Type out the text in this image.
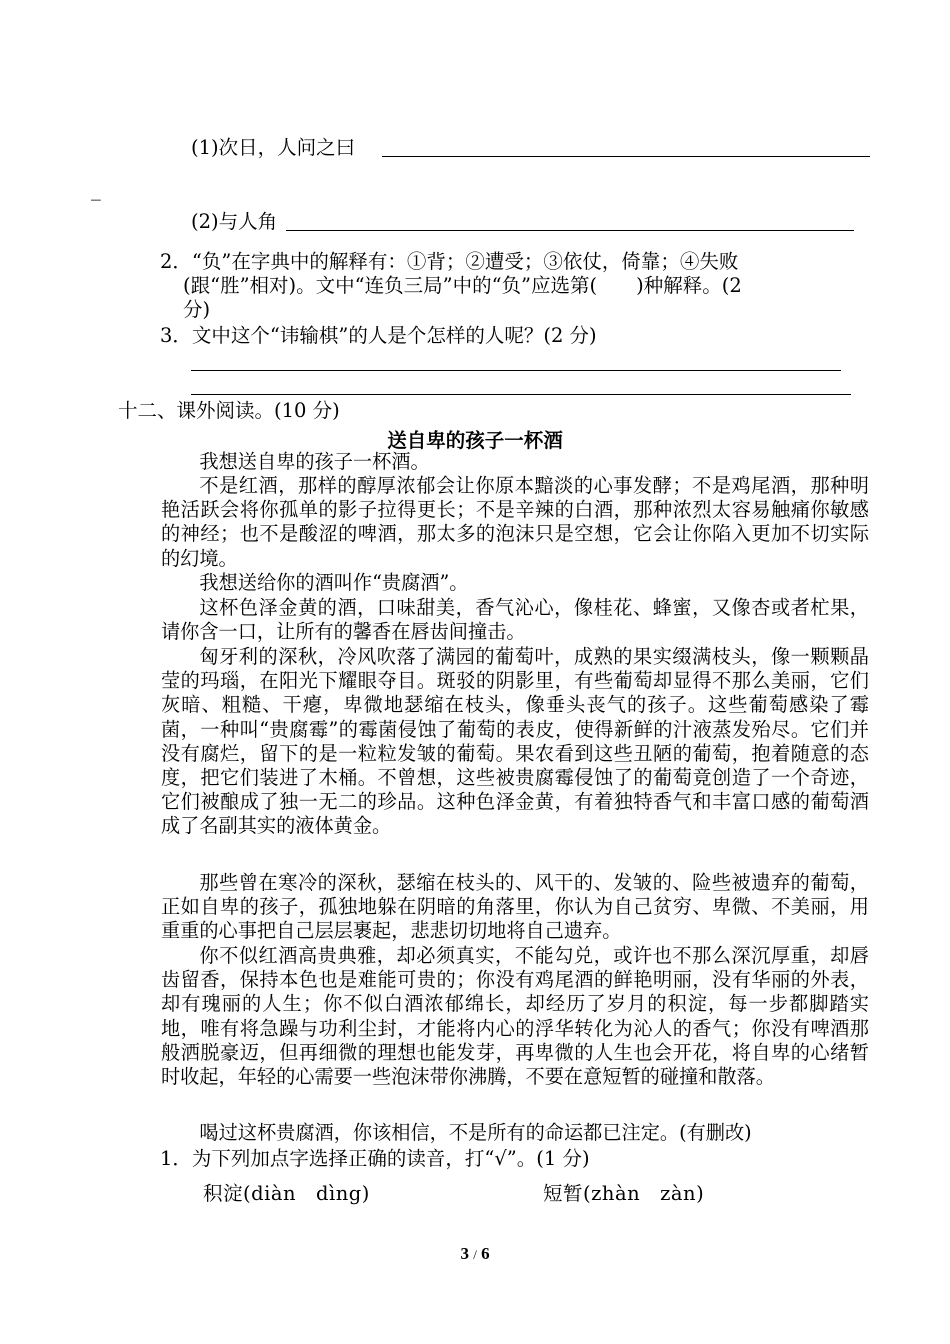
(1)次日，人问之曰
_
(2)与人角
2．“负”在字典中的解释有：①背；②遭受；③依仗，倚靠；④失败
(跟“胜”相对)。文中“连负三局”中的“负”应选第(　　)种解释。(2
分)
3．文中这个“讳输棋”的人是个怎样的人呢？(2 分)
十二、课外阅读。(10 分)
送自卑的孩子一杯酒
我想送自卑的孩子一杯酒。
不是红酒，那样的醇厚浓郁会让你原本黯淡的心事发酵；不是鸡尾酒，那种明艳活跃会将你孤单的影子拉得更长；不是辛辣的白酒，那种浓烈太容易触痛你敏感的神经；也不是酸涩的啤酒，那太多的泡沫只是空想，它会让你陷入更加不切实际的幻境。
我想送给你的酒叫作“贵腐酒”。
这杯色泽金黄的酒，口味甜美，香气沁心，像桂花、蜂蜜，又像杏或者杧果，请你含一口，让所有的馨香在唇齿间撞击。
匈牙利的深秋，冷风吹落了满园的葡萄叶，成熟的果实缀满枝头，像一颗颗晶莹的玛瑙，在阳光下耀眼夺目。斑驳的阴影里，有些葡萄却显得不那么美丽，它们灰暗、粗糙、干瘪，卑微地瑟缩在枝头，像垂头丧气的孩子。这些葡萄感染了霉菌，一种叫“贵腐霉”的霉菌侵蚀了葡萄的表皮，使得新鲜的汁液蒸发殆尽。它们并没有腐烂，留下的是一粒粒发皱的葡萄。果农看到这些丑陋的葡萄，抱着随意的态度，把它们装进了木桶。不曾想，这些被贵腐霉侵蚀了的葡萄竟创造了一个奇迹，它们被酿成了独一无二的珍品。这种色泽金黄，有着独特香气和丰富口感的葡萄酒成了名副其实的液体黄金。
那些曾在寒冷的深秋，瑟缩在枝头的、风干的、发皱的、险些被遗弃的葡萄，正如自卑的孩子，孤独地躲在阴暗的角落里，你认为自己贫穷、卑微、不美丽，用重重的心事把自己层层裹起，悲悲切切地将自己遗弃。
你不似红酒高贵典雅，却必须真实，不能勾兑，或许也不那么深沉厚重，却唇齿留香，保持本色也是难能可贵的；你没有鸡尾酒的鲜艳明丽，没有华丽的外表，却有瑰丽的人生；你不似白酒浓郁绵长，却经历了岁月的积淀，每一步都脚踏实地，唯有将急躁与功利尘封，才能将内心的浮华转化为沁人的香气；你没有啤酒那般洒脱豪迈，但再细微的理想也能发芽，再卑微的人生也会开花，将自卑的心绪暂时收起，年轻的心需要一些泡沫带你沸腾，不要在意短暂的碰撞和散落。
喝过这杯贵腐酒，你该相信，不是所有的命运都已注定。(有删改)
1．为下列加点字选择正确的读音，打“√”。(1 分)
积淀(diàn　dìng)	短暂(zhàn　zàn)
3 / 6
